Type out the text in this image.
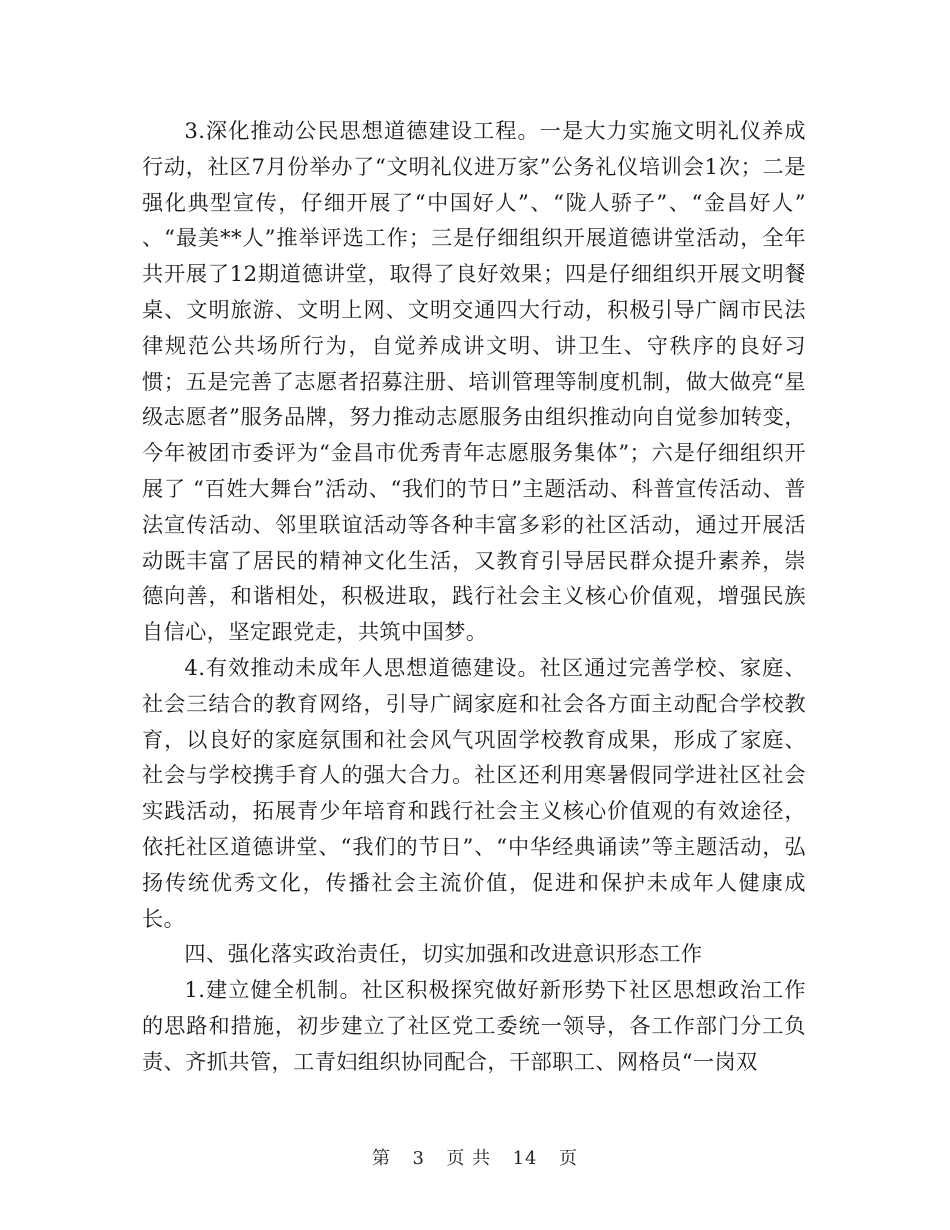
3.深化推动公民思想道德建设工程。一是大力实施文明礼仪养成行动，社区7月份举办了“文明礼仪进万家”公务礼仪培训会1次；二是强化典型宣传，仔细开展了“中国好人”、“陇人骄子”、“金昌好人” 、“最美**人”推举评选工作；三是仔细组织开展道德讲堂活动，全年共开展了12期道德讲堂，取得了良好效果；四是仔细组织开展文明餐桌、文明旅游、文明上网、文明交通四大行动，积极引导广阔市民法律规范公共场所行为，自觉养成讲文明、讲卫生、守秩序的良好习惯；五是完善了志愿者招募注册、培训管理等制度机制，做大做亮“星级志愿者”服务品牌，努力推动志愿服务由组织推动向自觉参加转变，今年被团市委评为“金昌市优秀青年志愿服务集体”；六是仔细组织开展了 “百姓大舞台”活动、“我们的节日”主题活动、科普宣传活动、普法宣传活动、邻里联谊活动等各种丰富多彩的社区活动，通过开展活动既丰富了居民的精神文化生活，又教育引导居民群众提升素养，崇德向善，和谐相处，积极进取，践行社会主义核心价值观，增强民族自信心，坚定跟党走，共筑中国梦。

4.有效推动未成年人思想道德建设。社区通过完善学校、家庭、社会三结合的教育网络，引导广阔家庭和社会各方面主动配合学校教育，以良好的家庭氛围和社会风气巩固学校教育成果，形成了家庭、社会与学校携手育人的强大合力。社区还利用寒暑假同学进社区社会实践活动，拓展青少年培育和践行社会主义核心价值观的有效途径，依托社区道德讲堂、“我们的节日”、“中华经典诵读”等主题活动，弘扬传统优秀文化，传播社会主流价值，促进和保护未成年人健康成长。

四、强化落实政治责任，切实加强和改进意识形态工作

1.建立健全机制。社区积极探究做好新形势下社区思想政治工作的思路和措施，初步建立了社区党工委统一领导，各工作部门分工负责、齐抓共管，工青妇组织协同配合，干部职工、网格员“一岗双

第 3 页 共 14 页
